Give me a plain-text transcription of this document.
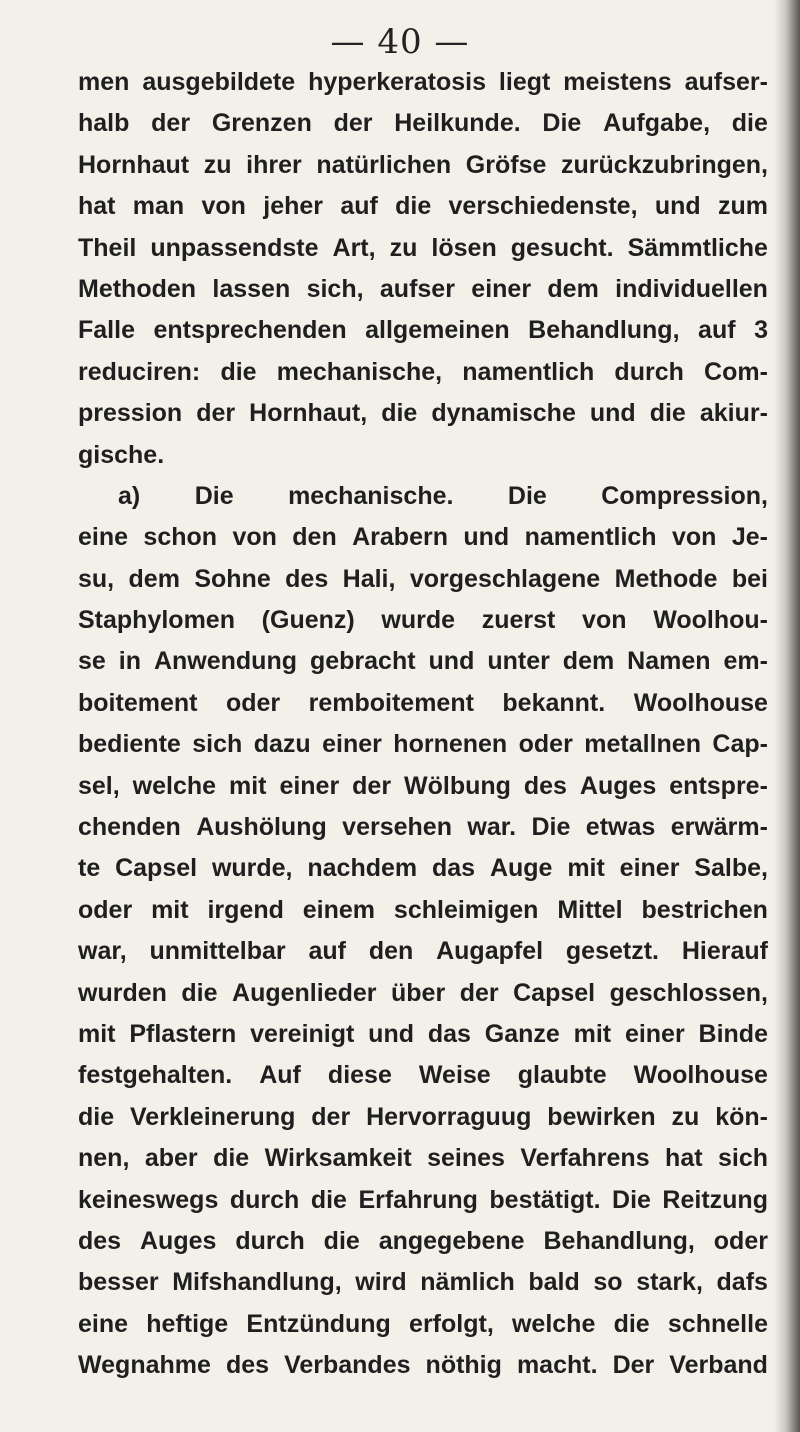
— 40 —
men ausgebildete hyperkeratosis liegt meistens aufser-
halb der Grenzen der Heilkunde. Die Aufgabe, die
Hornhaut zu ihrer natürlichen Gröfse zurückzubringen,
hat man von jeher auf die verschiedenste, und zum
Theil unpassendste Art, zu lösen gesucht. Sämmtliche
Methoden lassen sich, aufser einer dem individuellen
Falle entsprechenden allgemeinen Behandlung, auf 3
reduciren: die mechanische, namentlich durch Com-
pression der Hornhaut, die dynamische und die akiur-
gische.
a) Die mechanische. Die Compression,
eine schon von den Arabern und namentlich von Je-
su, dem Sohne des Hali, vorgeschlagene Methode bei
Staphylomen (Guenz) wurde zuerst von Woolhou-
se in Anwendung gebracht und unter dem Namen em-
boitement oder remboitement bekannt. Woolhouse
bediente sich dazu einer hornenen oder metallnen Cap-
sel, welche mit einer der Wölbung des Auges entspre-
chenden Aushölung versehen war. Die etwas erwärm-
te Capsel wurde, nachdem das Auge mit einer Salbe,
oder mit irgend einem schleimigen Mittel bestrichen
war, unmittelbar auf den Augapfel gesetzt. Hierauf
wurden die Augenlieder über der Capsel geschlossen,
mit Pflastern vereinigt und das Ganze mit einer Binde
festgehalten. Auf diese Weise glaubte Woolhouse
die Verkleinerung der Hervorraguug bewirken zu kön-
nen, aber die Wirksamkeit seines Verfahrens hat sich
keineswegs durch die Erfahrung bestätigt. Die Reitzung
des Auges durch die angegebene Behandlung, oder
besser Mifshandlung, wird nämlich bald so stark, dafs
eine heftige Entzündung erfolgt, welche die schnelle
Wegnahme des Verbandes nöthig macht. Der Verband
